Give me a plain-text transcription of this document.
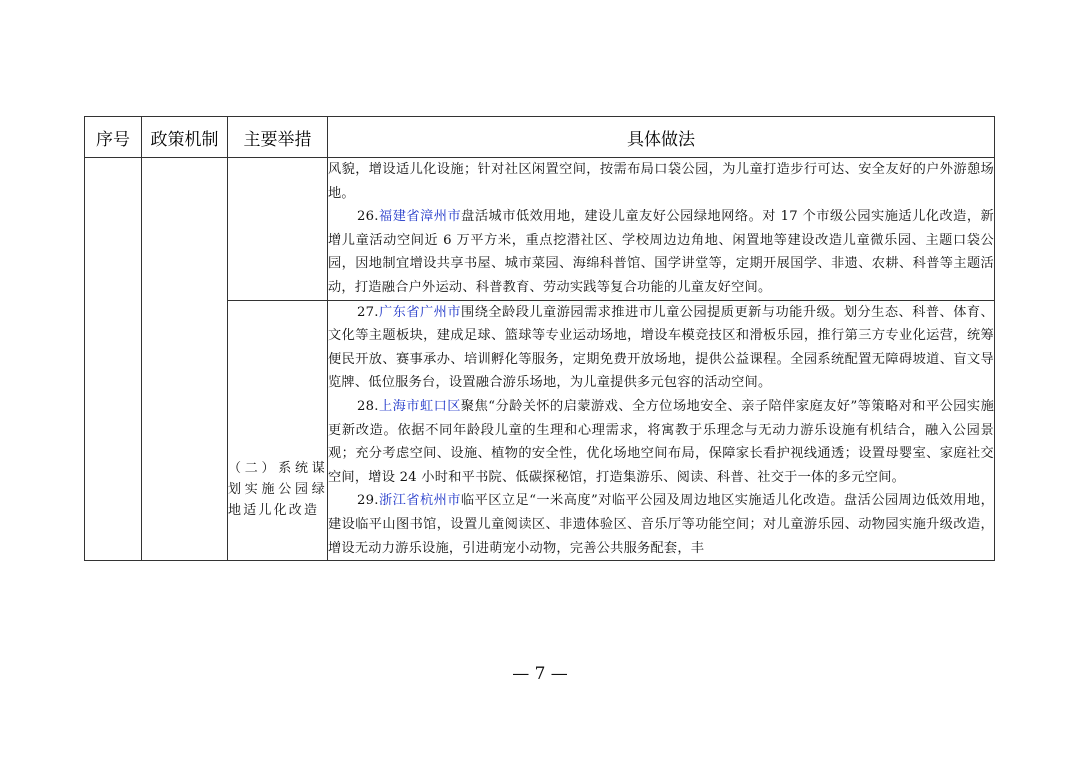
序号	政策机制	主要举措	具体做法

			风貌，增设适儿化设施；针对社区闲置空间，按需布局口袋公园，为儿童打造步行可达、安全友好的户外游憩场地。

26.福建省漳州市盘活城市低效用地，建设儿童友好公园绿地网络。对 17 个市级公园实施适儿化改造，新增儿童活动空间近 6 万平方米，重点挖潜社区、学校周边边角地、闲置地等建设改造儿童微乐园、主题口袋公园，因地制宜增设共享书屋、城市菜园、海绵科普馆、国学讲堂等，定期开展国学、非遗、农耕、科普等主题活动，打造融合户外运动、科普教育、劳动实践等复合功能的儿童友好空间。

		（二）系统谋划实施公园绿地适儿化改造	27.广东省广州市围绕全龄段儿童游园需求推进市儿童公园提质更新与功能升级。划分生态、科普、体育、文化等主题板块，建成足球、篮球等专业运动场地，增设车模竞技区和滑板乐园，推行第三方专业化运营，统筹便民开放、赛事承办、培训孵化等服务，定期免费开放场地，提供公益课程。全园系统配置无障碍坡道、盲文导览牌、低位服务台，设置融合游乐场地，为儿童提供多元包容的活动空间。

28.上海市虹口区聚焦“分龄关怀的启蒙游戏、全方位场地安全、亲子陪伴家庭友好”等策略对和平公园实施更新改造。依据不同年龄段儿童的生理和心理需求，将寓教于乐理念与无动力游乐设施有机结合，融入公园景观；充分考虑空间、设施、植物的安全性，优化场地空间布局，保障家长看护视线通透；设置母婴室、家庭社交空间，增设 24 小时和平书院、低碳探秘馆，打造集游乐、阅读、科普、社交于一体的多元空间。

29.浙江省杭州市临平区立足“一米高度”对临平公园及周边地区实施适儿化改造。盘活公园周边低效用地，建设临平山图书馆，设置儿童阅读区、非遗体验区、音乐厅等功能空间；对儿童游乐园、动物园实施升级改造，增设无动力游乐设施，引进萌宠小动物，完善公共服务配套，丰

— 7 —
